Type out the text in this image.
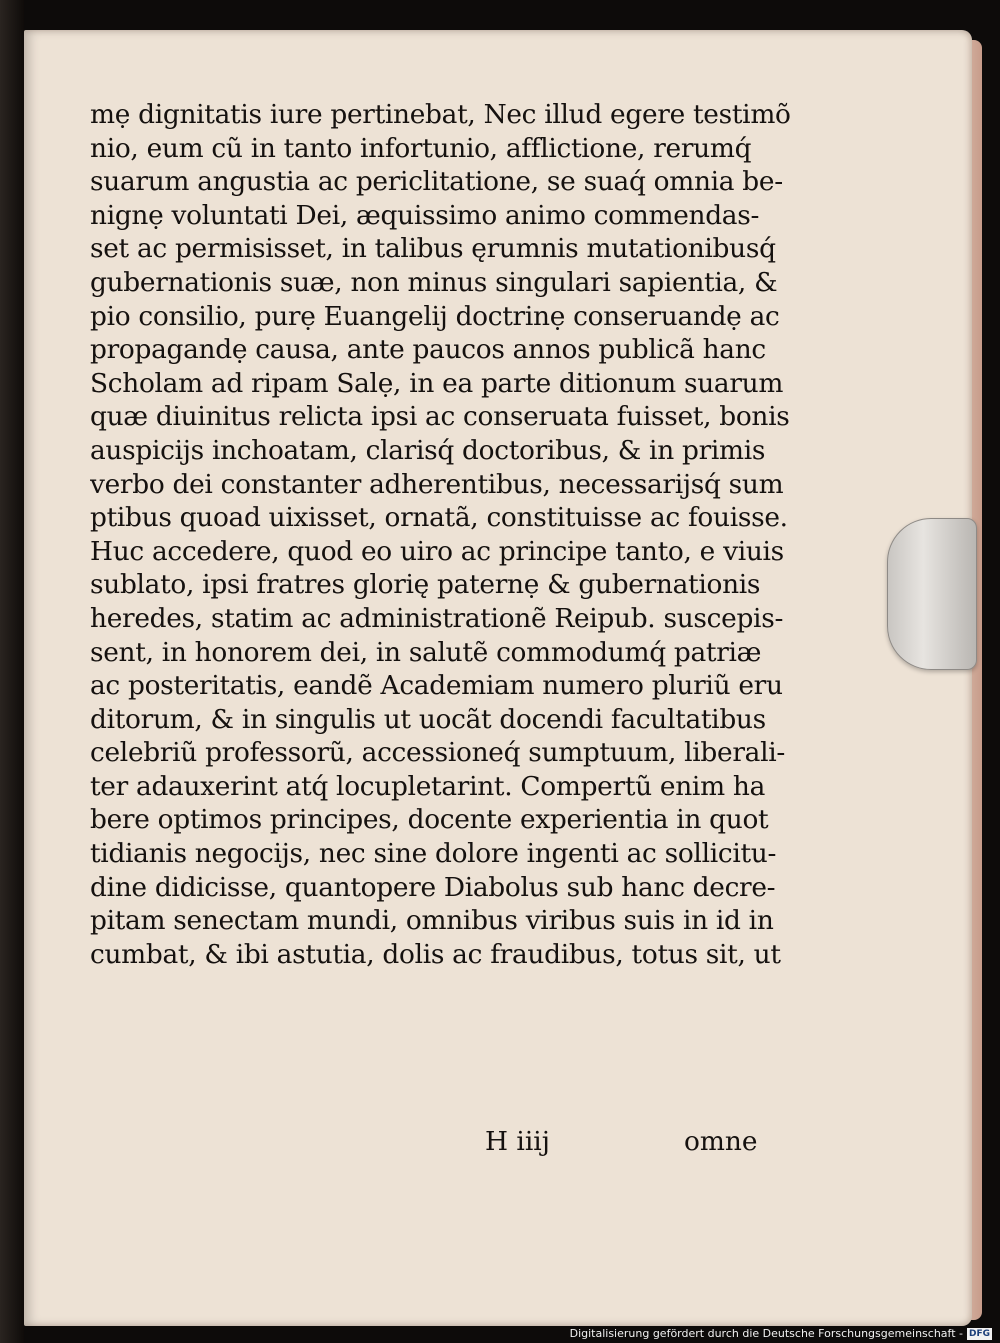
mẹ dignitatis iure pertinebat, Nec illud egere testimõ
nio, eum cũ in tanto infortunio, afflictione, rerumq́
suarum angustia ac periclitatione, se suaq́ omnia be-
nignẹ voluntati Dei, æquissimo animo commendas-
set ac permisisset, in talibus ęrumnis mutationibusq́
gubernationis suæ, non minus singulari sapientia, &
pio consilio, purẹ Euangelij doctrinẹ conseruandẹ ac
propagandẹ causa, ante paucos annos publicã hanc
Scholam ad ripam Salẹ, in ea parte ditionum suarum
quæ diuinitus relicta ipsi ac conseruata fuisset, bonis
auspicijs inchoatam, clarisq́ doctoribus, & in primis
verbo dei constanter adherentibus, necessarijsq́ sum
ptibus quoad uixisset, ornatã, constituisse ac fouisse.
Huc accedere, quod eo uiro ac principe tanto, e viuis
sublato, ipsi fratres glorię paternẹ & gubernationis
heredes, statim ac administrationẽ Reipub. suscepis-
sent, in honorem dei, in salutẽ commodumq́ patriæ
ac posteritatis, eandẽ Academiam numero pluriũ eru
ditorum, & in singulis ut uocãt docendi facultatibus
celebriũ professorũ, accessioneq́ sumptuum, liberali-
ter adauxerint atq́ locupletarint. Compertũ enim ha
bere optimos principes, docente experientia in quot
tidianis negocijs, nec sine dolore ingenti ac sollicitu-
dine didicisse, quantopere Diabolus sub hanc decre-
pitam senectam mundi, omnibus viribus suis in id in
cumbat, & ibi astutia, dolis ac fraudibus, totus sit, ut
H iiij	omne
Digitalisierung gefördert durch die Deutsche Forschungsgemeinschaft - DFG
